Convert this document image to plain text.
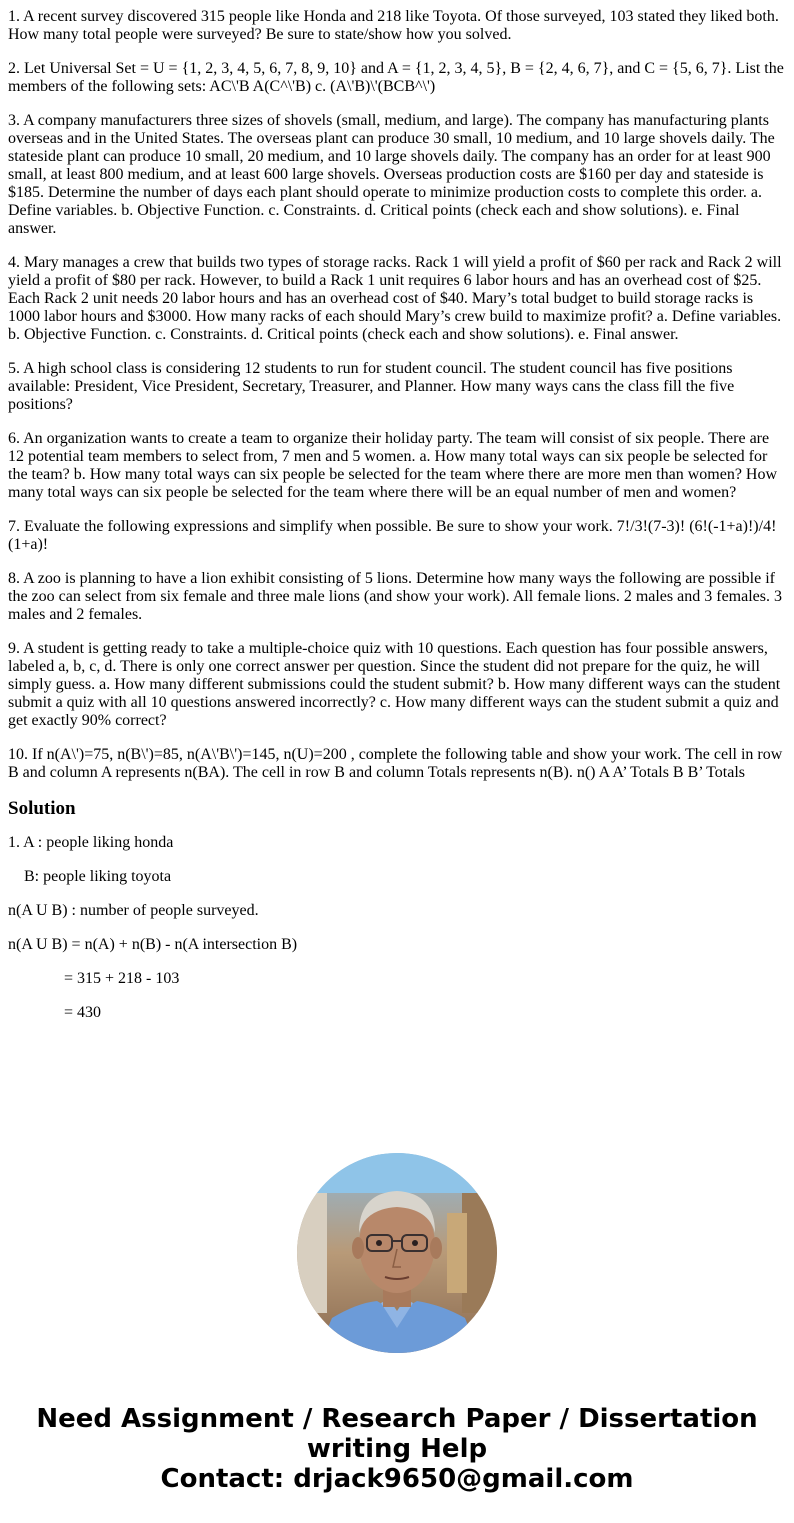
1. A recent survey discovered 315 people like Honda and 218 like Toyota. Of those surveyed, 103 stated they liked both. How many total people were surveyed? Be sure to state/show how you solved.

2. Let Universal Set = U = {1, 2, 3, 4, 5, 6, 7, 8, 9, 10} and A = {1, 2, 3, 4, 5}, B = {2, 4, 6, 7}, and C = {5, 6, 7}. List the members of the following sets: AC\'B A(C^\'B) c. (A\'B)\'(BCB^\')

3. A company manufacturers three sizes of shovels (small, medium, and large). The company has manufacturing plants overseas and in the United States. The overseas plant can produce 30 small, 10 medium, and 10 large shovels daily. The stateside plant can produce 10 small, 20 medium, and 10 large shovels daily. The company has an order for at least 900 small, at least 800 medium, and at least 600 large shovels. Overseas production costs are $160 per day and stateside is $185. Determine the number of days each plant should operate to minimize production costs to complete this order. a. Define variables. b. Objective Function. c. Constraints. d. Critical points (check each and show solutions). e. Final answer.

4. Mary manages a crew that builds two types of storage racks. Rack 1 will yield a profit of $60 per rack and Rack 2 will yield a profit of $80 per rack. However, to build a Rack 1 unit requires 6 labor hours and has an overhead cost of $25. Each Rack 2 unit needs 20 labor hours and has an overhead cost of $40. Mary’s total budget to build storage racks is 1000 labor hours and $3000. How many racks of each should Mary’s crew build to maximize profit? a. Define variables. b. Objective Function. c. Constraints. d. Critical points (check each and show solutions). e. Final answer.

5. A high school class is considering 12 students to run for student council. The student council has five positions available: President, Vice President, Secretary, Treasurer, and Planner. How many ways cans the class fill the five positions?

6. An organization wants to create a team to organize their holiday party. The team will consist of six people. There are 12 potential team members to select from, 7 men and 5 women. a. How many total ways can six people be selected for the team? b. How many total ways can six people be selected for the team where there are more men than women? How many total ways can six people be selected for the team where there will be an equal number of men and women?

7. Evaluate the following expressions and simplify when possible. Be sure to show your work. 7!/3!(7-3)! (6!(-1+a)!)/4!(1+a)!

8. A zoo is planning to have a lion exhibit consisting of 5 lions. Determine how many ways the following are possible if the zoo can select from six female and three male lions (and show your work). All female lions. 2 males and 3 females. 3 males and 2 females.

9. A student is getting ready to take a multiple-choice quiz with 10 questions. Each question has four possible answers, labeled a, b, c, d. There is only one correct answer per question. Since the student did not prepare for the quiz, he will simply guess. a. How many different submissions could the student submit? b. How many different ways can the student submit a quiz with all 10 questions answered incorrectly? c. How many different ways can the student submit a quiz and get exactly 90% correct?

10. If n(A\')=75, n(B\')=85, n(A\'B\')=145, n(U)=200 , complete the following table and show your work. The cell in row B and column A represents n(BA). The cell in row B and column Totals represents n(B). n() A A’ Totals B B’ Totals

Solution

1. A : people liking honda

B: people liking toyota

n(A U B) : number of people surveyed.

n(A U B) = n(A) + n(B) - n(A intersection B)

= 315 + 218 - 103

= 430

Need Assignment / Research Paper / Dissertation
writing Help
Contact: drjack9650@gmail.com
